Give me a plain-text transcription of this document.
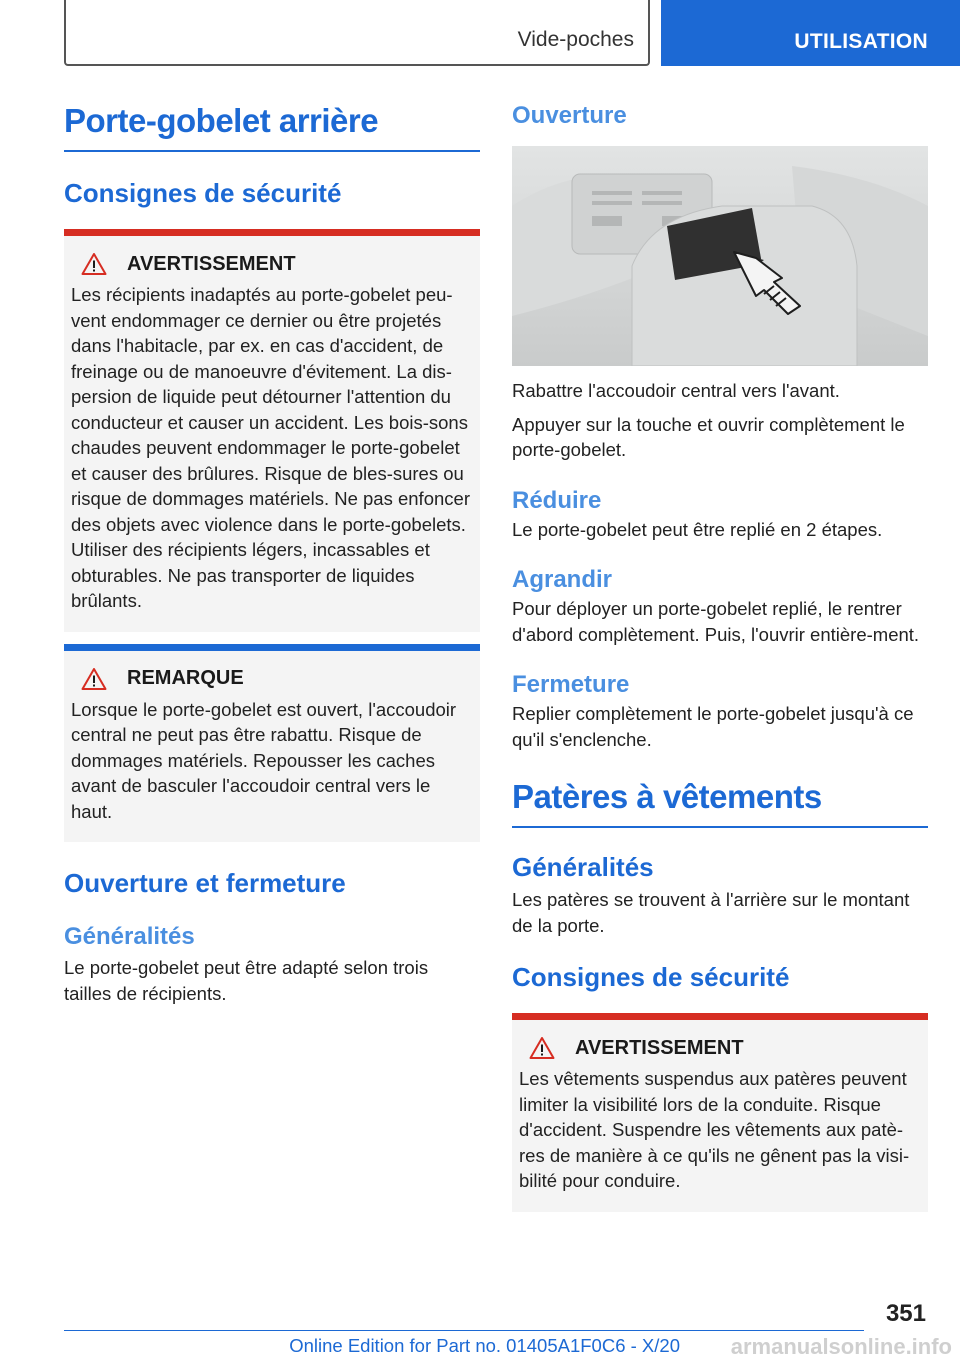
Vide-poches	UTILISATION
Porte-gobelet arrière
Consignes de sécurité
AVERTISSEMENT

Les récipients inadaptés au porte-gobelet peu-vent endommager ce dernier ou être projetés dans l'habitacle, par ex. en cas d'accident, de freinage ou de manoeuvre d'évitement. La dis-persion de liquide peut détourner l'attention du conducteur et causer un accident. Les bois-sons chaudes peuvent endommager le porte-gobelet et causer des brûlures. Risque de bles-sures ou risque de dommages matériels. Ne pas enfoncer des objets avec violence dans le porte-gobelets. Utiliser des récipients légers, incassables et obturables. Ne pas transporter de liquides brûlants.

REMARQUE

Lorsque le porte-gobelet est ouvert, l'accoudoir central ne peut pas être rabattu. Risque de dommages matériels. Repousser les caches avant de basculer l'accoudoir central vers le haut.

Ouverture et fermeture
Généralités

Le porte-gobelet peut être adapté selon trois tailles de récipients.

Ouverture

Rabattre l'accoudoir central vers l'avant.

Appuyer sur la touche et ouvrir complètement le porte-gobelet.

Réduire

Le porte-gobelet peut être replié en 2 étapes.

Agrandir

Pour déployer un porte-gobelet replié, le rentrer d'abord complètement. Puis, l'ouvrir entière-ment.

Fermeture

Replier complètement le porte-gobelet jusqu'à ce qu'il s'enclenche.

Patères à vêtements
Généralités

Les patères se trouvent à l'arrière sur le montant de la porte.

Consignes de sécurité
AVERTISSEMENT

Les vêtements suspendus aux patères peuvent limiter la visibilité lors de la conduite. Risque d'accident. Suspendre les vêtements aux patè-res de manière à ce qu'ils ne gênent pas la visi-bilité pour conduire.

351
Online Edition for Part no. 01405A1F0C6 - X/20 armanualsonline.info
